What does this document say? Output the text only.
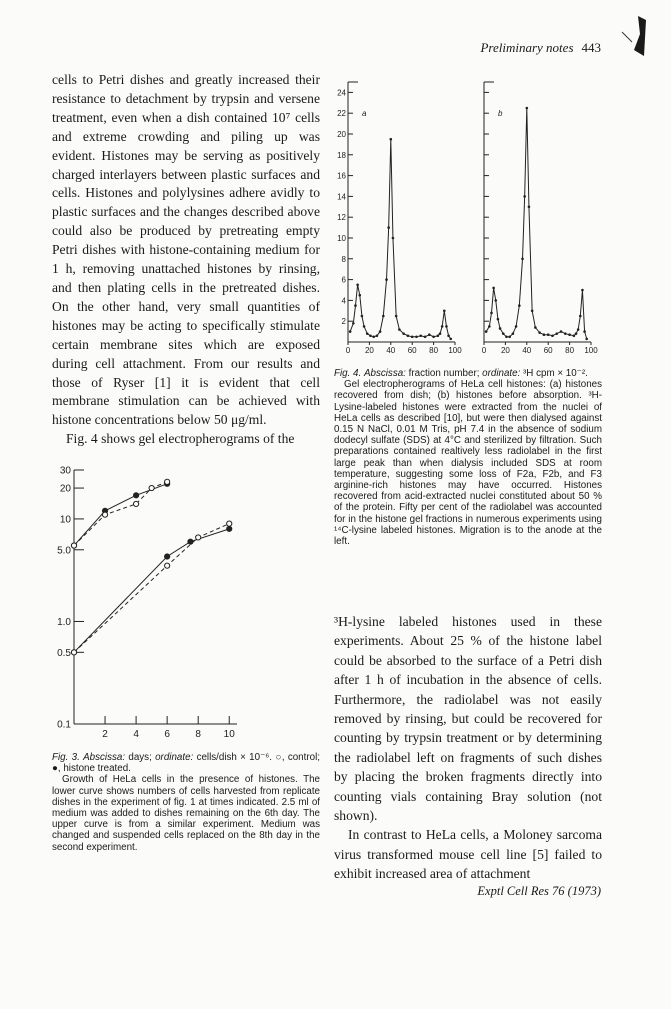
Preliminary notes 443

cells to Petri dishes and greatly increased their resistance to detachment by trypsin and versene treatment, even when a dish contained 10⁷ cells and extreme crowding and piling up was evident. Histones may be serving as positively charged interlayers between plastic surfaces and cells. Histones and polylysines adhere avidly to plastic surfaces and the changes described above could also be produced by pretreating empty Petri dishes with histone-containing medium for 1 h, removing unattached histones by rinsing, and then plating cells in the pretreated dishes. On the other hand, very small quantities of histones may be acting to specifically stimulate certain membrane sites which are exposed during cell attachment. From our results and those of Ryser [1] it is evident that cell membrane stimulation can be achieved with histone concentrations below 50 μg/ml.

Fig. 4 shows gel electropherograms of the

0.1
0.5
1.0
5.0
10
20
30
2	4	6	8 10

Fig. 3. Abscissa: days; ordinate: cells/dish × 10⁻⁶. ○, control; ●, histone treated.

Growth of HeLa cells in the presence of histones. The lower curve shows numbers of cells harvested from replicate dishes in the experiment of fig. 1 at times indicated. 2.5 ml of medium was added to dishes remaining on the 6th day. The upper curve is from a similar experiment. Medium was changed and suspended cells replaced on the 8th day in the second experiment.

2
4
6
8
10
12
14
16
18
20
22
24
0 20 40 60 80 100
a
0 20 40 60 80 100
b

Fig. 4. Abscissa: fraction number; ordinate: ³H cpm × 10⁻².

Gel electropherograms of HeLa cell histones: (a) histones recovered from dish; (b) histones before absorption. ³H-Lysine-labeled histones were extracted from the nuclei of HeLa cells as described [10], but were then dialysed against 0.15 N NaCl, 0.01 M Tris, pH 7.4 in the absence of sodium dodecyl sulfate (SDS) at 4°C and sterilized by filtration. Such preparations contained realtively less radiolabel in the first large peak than when dialysis included SDS at room temperature, suggesting some loss of F2a, F2b, and F3 arginine-rich histones may have occurred. Histones recovered from acid-extracted nuclei constituted about 50 % of the protein. Fifty per cent of the radiolabel was accounted for in the histone gel fractions in numerous experiments using ¹⁴C-lysine labeled histones. Migration is to the anode at the left.

³H-lysine labeled histones used in these experiments. About 25 % of the histone label could be absorbed to the surface of a Petri dish after 1 h of incubation in the absence of cells. Furthermore, the radiolabel was not easily removed by rinsing, but could be recovered for counting by trypsin treatment or by determining the radiolabel left on fragments of such dishes by placing the broken fragments directly into counting vials containing Bray solution (not shown).

In contrast to HeLa cells, a Moloney sarcoma virus transformed mouse cell line [5] failed to exhibit increased area of attachment

Exptl Cell Res 76 (1973)
